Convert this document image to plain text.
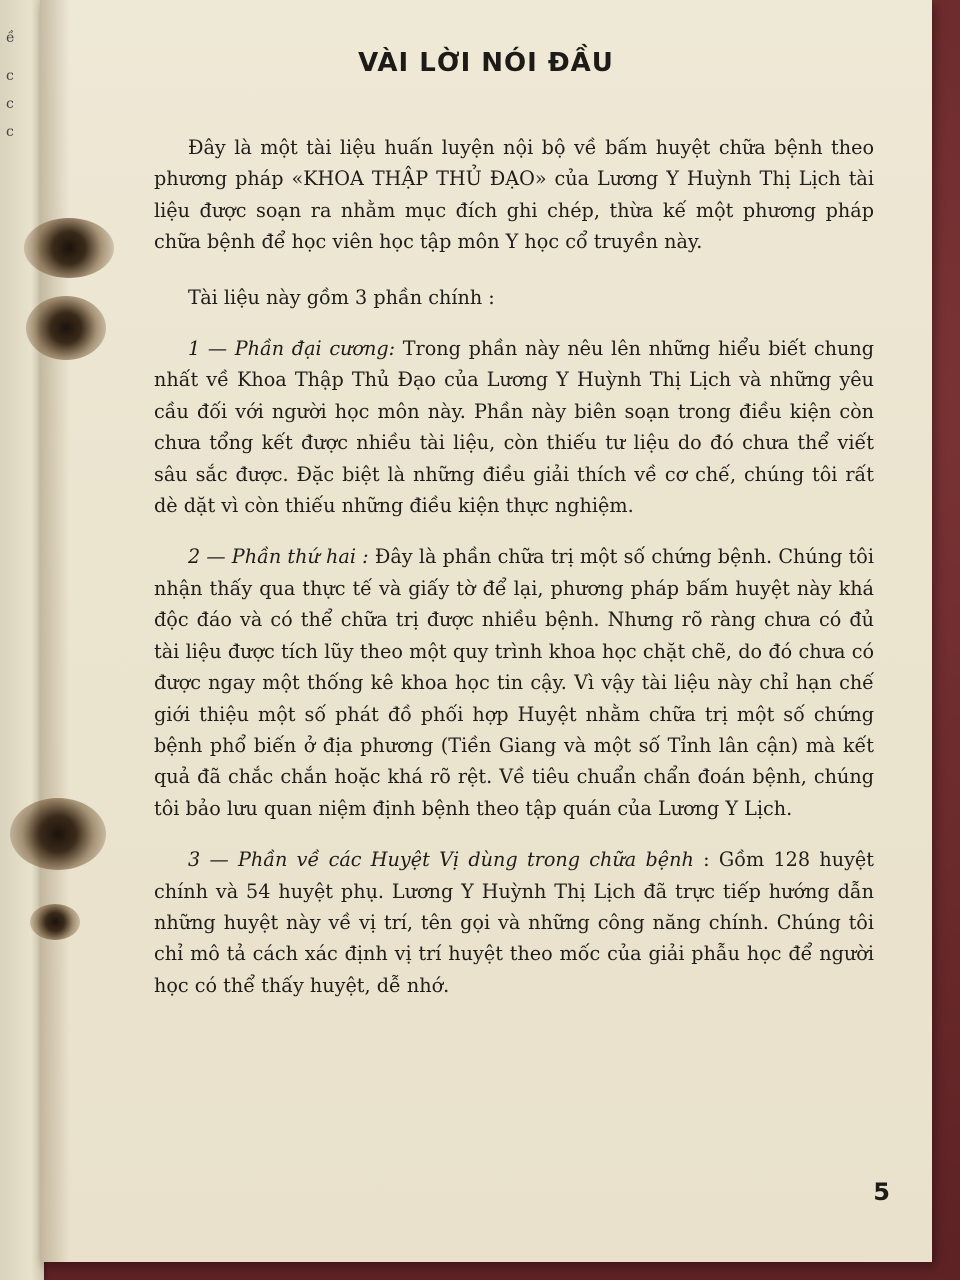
ề
c
c
c
VÀI LỜI NÓI ĐẦU

Đây là một tài liệu huấn luyện nội bộ về bấm huyệt chữa bệnh theo phương pháp «KHOA THẬP THỦ ĐẠO» của Lương Y Huỳnh Thị Lịch tài liệu được soạn ra nhằm mục đích ghi chép, thừa kế một phương pháp chữa bệnh để học viên học tập môn Y học cổ truyền này.

Tài liệu này gồm 3 phần chính :

1 — Phần đại cương: Trong phần này nêu lên những hiểu biết chung nhất về Khoa Thập Thủ Đạo của Lương Y Huỳnh Thị Lịch và những yêu cầu đối với người học môn này. Phần này biên soạn trong điều kiện còn chưa tổng kết được nhiều tài liệu, còn thiếu tư liệu do đó chưa thể viết sâu sắc được. Đặc biệt là những điều giải thích về cơ chế, chúng tôi rất dè dặt vì còn thiếu những điều kiện thực nghiệm.

2 — Phần thứ hai : Đây là phần chữa trị một số chứng bệnh. Chúng tôi nhận thấy qua thực tế và giấy tờ để lại, phương pháp bấm huyệt này khá độc đáo và có thể chữa trị được nhiều bệnh. Nhưng rõ ràng chưa có đủ tài liệu được tích lũy theo một quy trình khoa học chặt chẽ, do đó chưa có được ngay một thống kê khoa học tin cậy. Vì vậy tài liệu này chỉ hạn chế giới thiệu một số phát đồ phối hợp Huyệt nhằm chữa trị một số chứng bệnh phổ biến ở địa phương (Tiền Giang và một số Tỉnh lân cận) mà kết quả đã chắc chắn hoặc khá rõ rệt. Về tiêu chuẩn chẩn đoán bệnh, chúng tôi bảo lưu quan niệm định bệnh theo tập quán của Lương Y Lịch.

3 — Phần về các Huyệt Vị dùng trong chữa bệnh : Gồm 128 huyệt chính và 54 huyệt phụ. Lương Y Huỳnh Thị Lịch đã trực tiếp hướng dẫn những huyệt này về vị trí, tên gọi và những công năng chính. Chúng tôi chỉ mô tả cách xác định vị trí huyệt theo mốc của giải phẫu học để người học có thể thấy huyệt, dễ nhớ.

5
